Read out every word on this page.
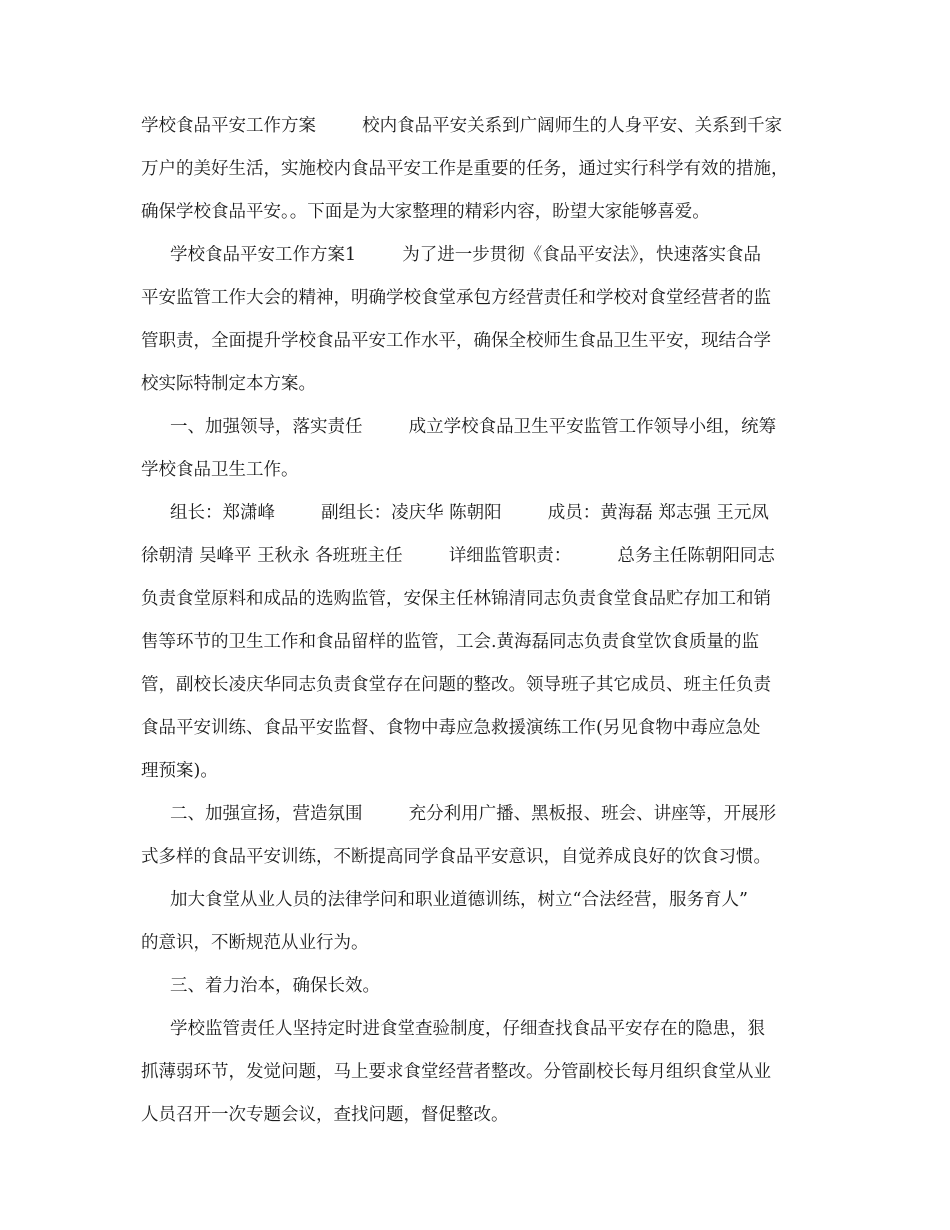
学校食品平安工作方案 　 　校内食品平安关系到广阔师生的人身平安、关系到千家

万户的美好生活，实施校内食品平安工作是重要的任务，通过实行科学有效的措施，

确保学校食品平安。。下面是为大家整理的精彩内容，盼望大家能够喜爱。

学校食品平安工作方案1 　 　为了进一步贯彻《食品平安法》，快速落实食品

平安监管工作大会的精神，明确学校食堂承包方经营责任和学校对食堂经营者的监

管职责，全面提升学校食品平安工作水平，确保全校师生食品卫生平安，现结合学

校实际特制定本方案。

一、加强领导，落实责任 　 　成立学校食品卫生平安监管工作领导小组，统筹

学校食品卫生工作。

组长：郑潇峰 　 　副组长：凌庆华 陈朝阳 　 　成员：黄海磊 郑志强 王元凤

徐朝清 吴峰平 王秋永 各班班主任 　 　详细监管职责： 　 　总务主任陈朝阳同志

负责食堂原料和成品的选购监管，安保主任林锦清同志负责食堂食品贮存加工和销

售等环节的卫生工作和食品留样的监管，工会.黄海磊同志负责食堂饮食质量的监

管，副校长凌庆华同志负责食堂存在问题的整改。领导班子其它成员、班主任负责

食品平安训练、食品平安监督、食物中毒应急救援演练工作(另见食物中毒应急处

理预案)。

二、加强宣扬，营造氛围 　 　充分利用广播、黑板报、班会、讲座等，开展形

式多样的食品平安训练，不断提高同学食品平安意识，自觉养成良好的饮食习惯。

加大食堂从业人员的法律学问和职业道德训练，树立“合法经营，服务育人”

的意识，不断规范从业行为。

三、着力治本，确保长效。

学校监管责任人坚持定时进食堂查验制度，仔细查找食品平安存在的隐患，狠

抓薄弱环节，发觉问题，马上要求食堂经营者整改。分管副校长每月组织食堂从业

人员召开一次专题会议，查找问题，督促整改。
